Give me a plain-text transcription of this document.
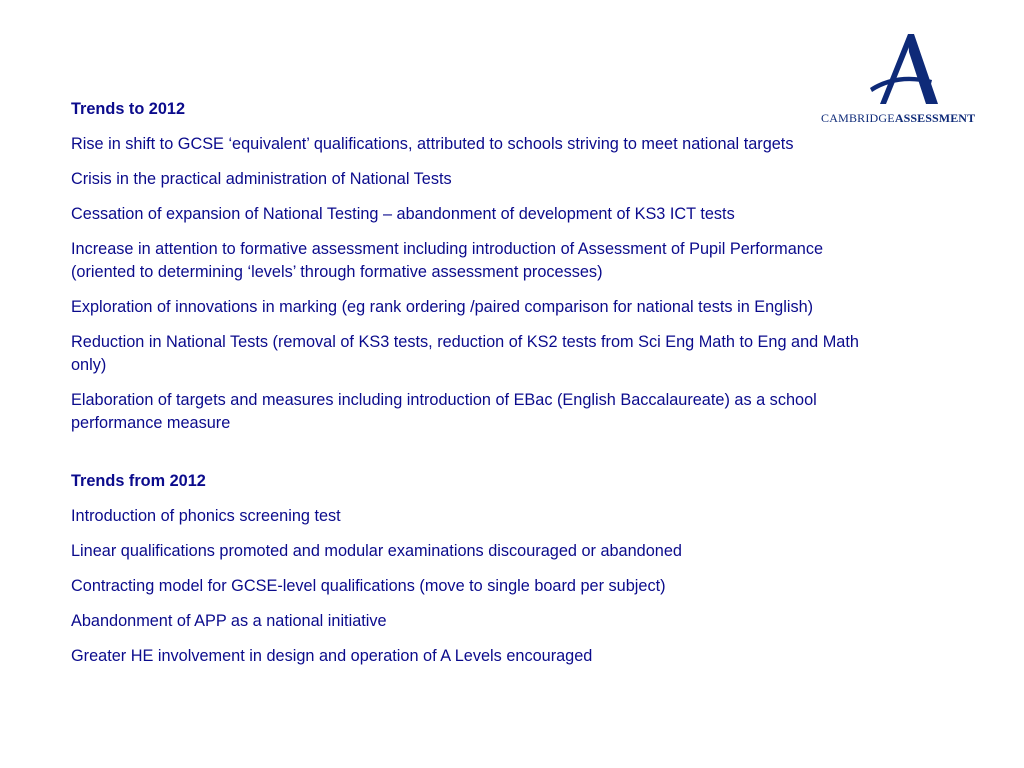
CAMBRIDGEASSESSMENT
Trends to 2012
Rise in shift to GCSE ‘equivalent’ qualifications, attributed to schools striving to meet national targets
Crisis in the practical administration of National Tests
Cessation of expansion of National Testing – abandonment of development of KS3 ICT tests
Increase in attention to formative assessment including introduction of Assessment of Pupil Performance (oriented to determining ‘levels’ through formative assessment processes)
Exploration of innovations in marking (eg rank ordering /paired comparison for national tests in English)
Reduction in National Tests (removal of KS3 tests, reduction of KS2 tests from Sci Eng Math to Eng and Math only)
Elaboration of targets and measures including introduction of EBac (English Baccalaureate) as a school performance measure
Trends from 2012
Introduction of phonics screening test
Linear qualifications promoted and modular examinations discouraged or abandoned
Contracting model for GCSE-level qualifications (move to single board per subject)
Abandonment of APP as a national initiative
Greater HE involvement in design and operation of A Levels encouraged
